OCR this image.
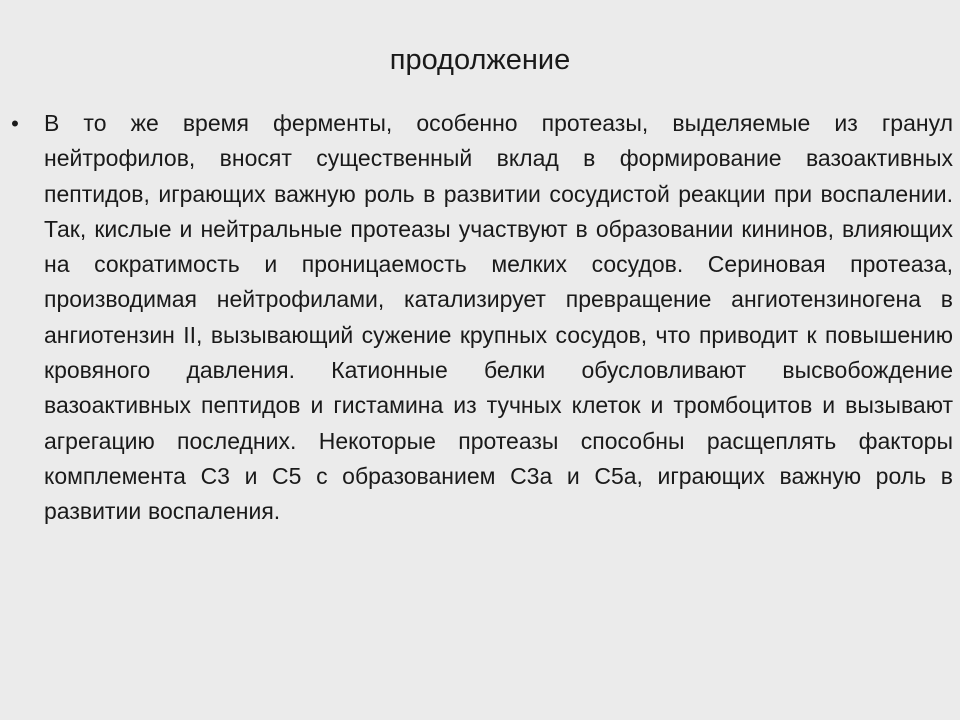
продолжение
• В то же время ферменты, особенно протеазы, выделяемые из гранул нейтрофилов, вносят существенный вклад в формирование вазоактивных пептидов, играющих важную роль в развитии сосудистой реакции при воспалении. Так, кислые и нейтральные протеазы участвуют в образовании кининов, влияющих на сократимость и проницаемость мелких сосудов. Сериновая протеаза, производимая нейтрофилами, катализирует превращение ангиотензиногена в ангиотензин II, вызывающий сужение крупных сосудов, что приводит к повышению кровяного давления. Катионные белки обусловливают высвобождение вазоактивных пептидов и гистамина из тучных клеток и тромбоцитов и вызывают агрегацию последних. Некоторые протеазы способны расщеплять факторы комплемента С3 и С5 с образованием С3а и С5а, играющих важную роль в развитии воспаления.
